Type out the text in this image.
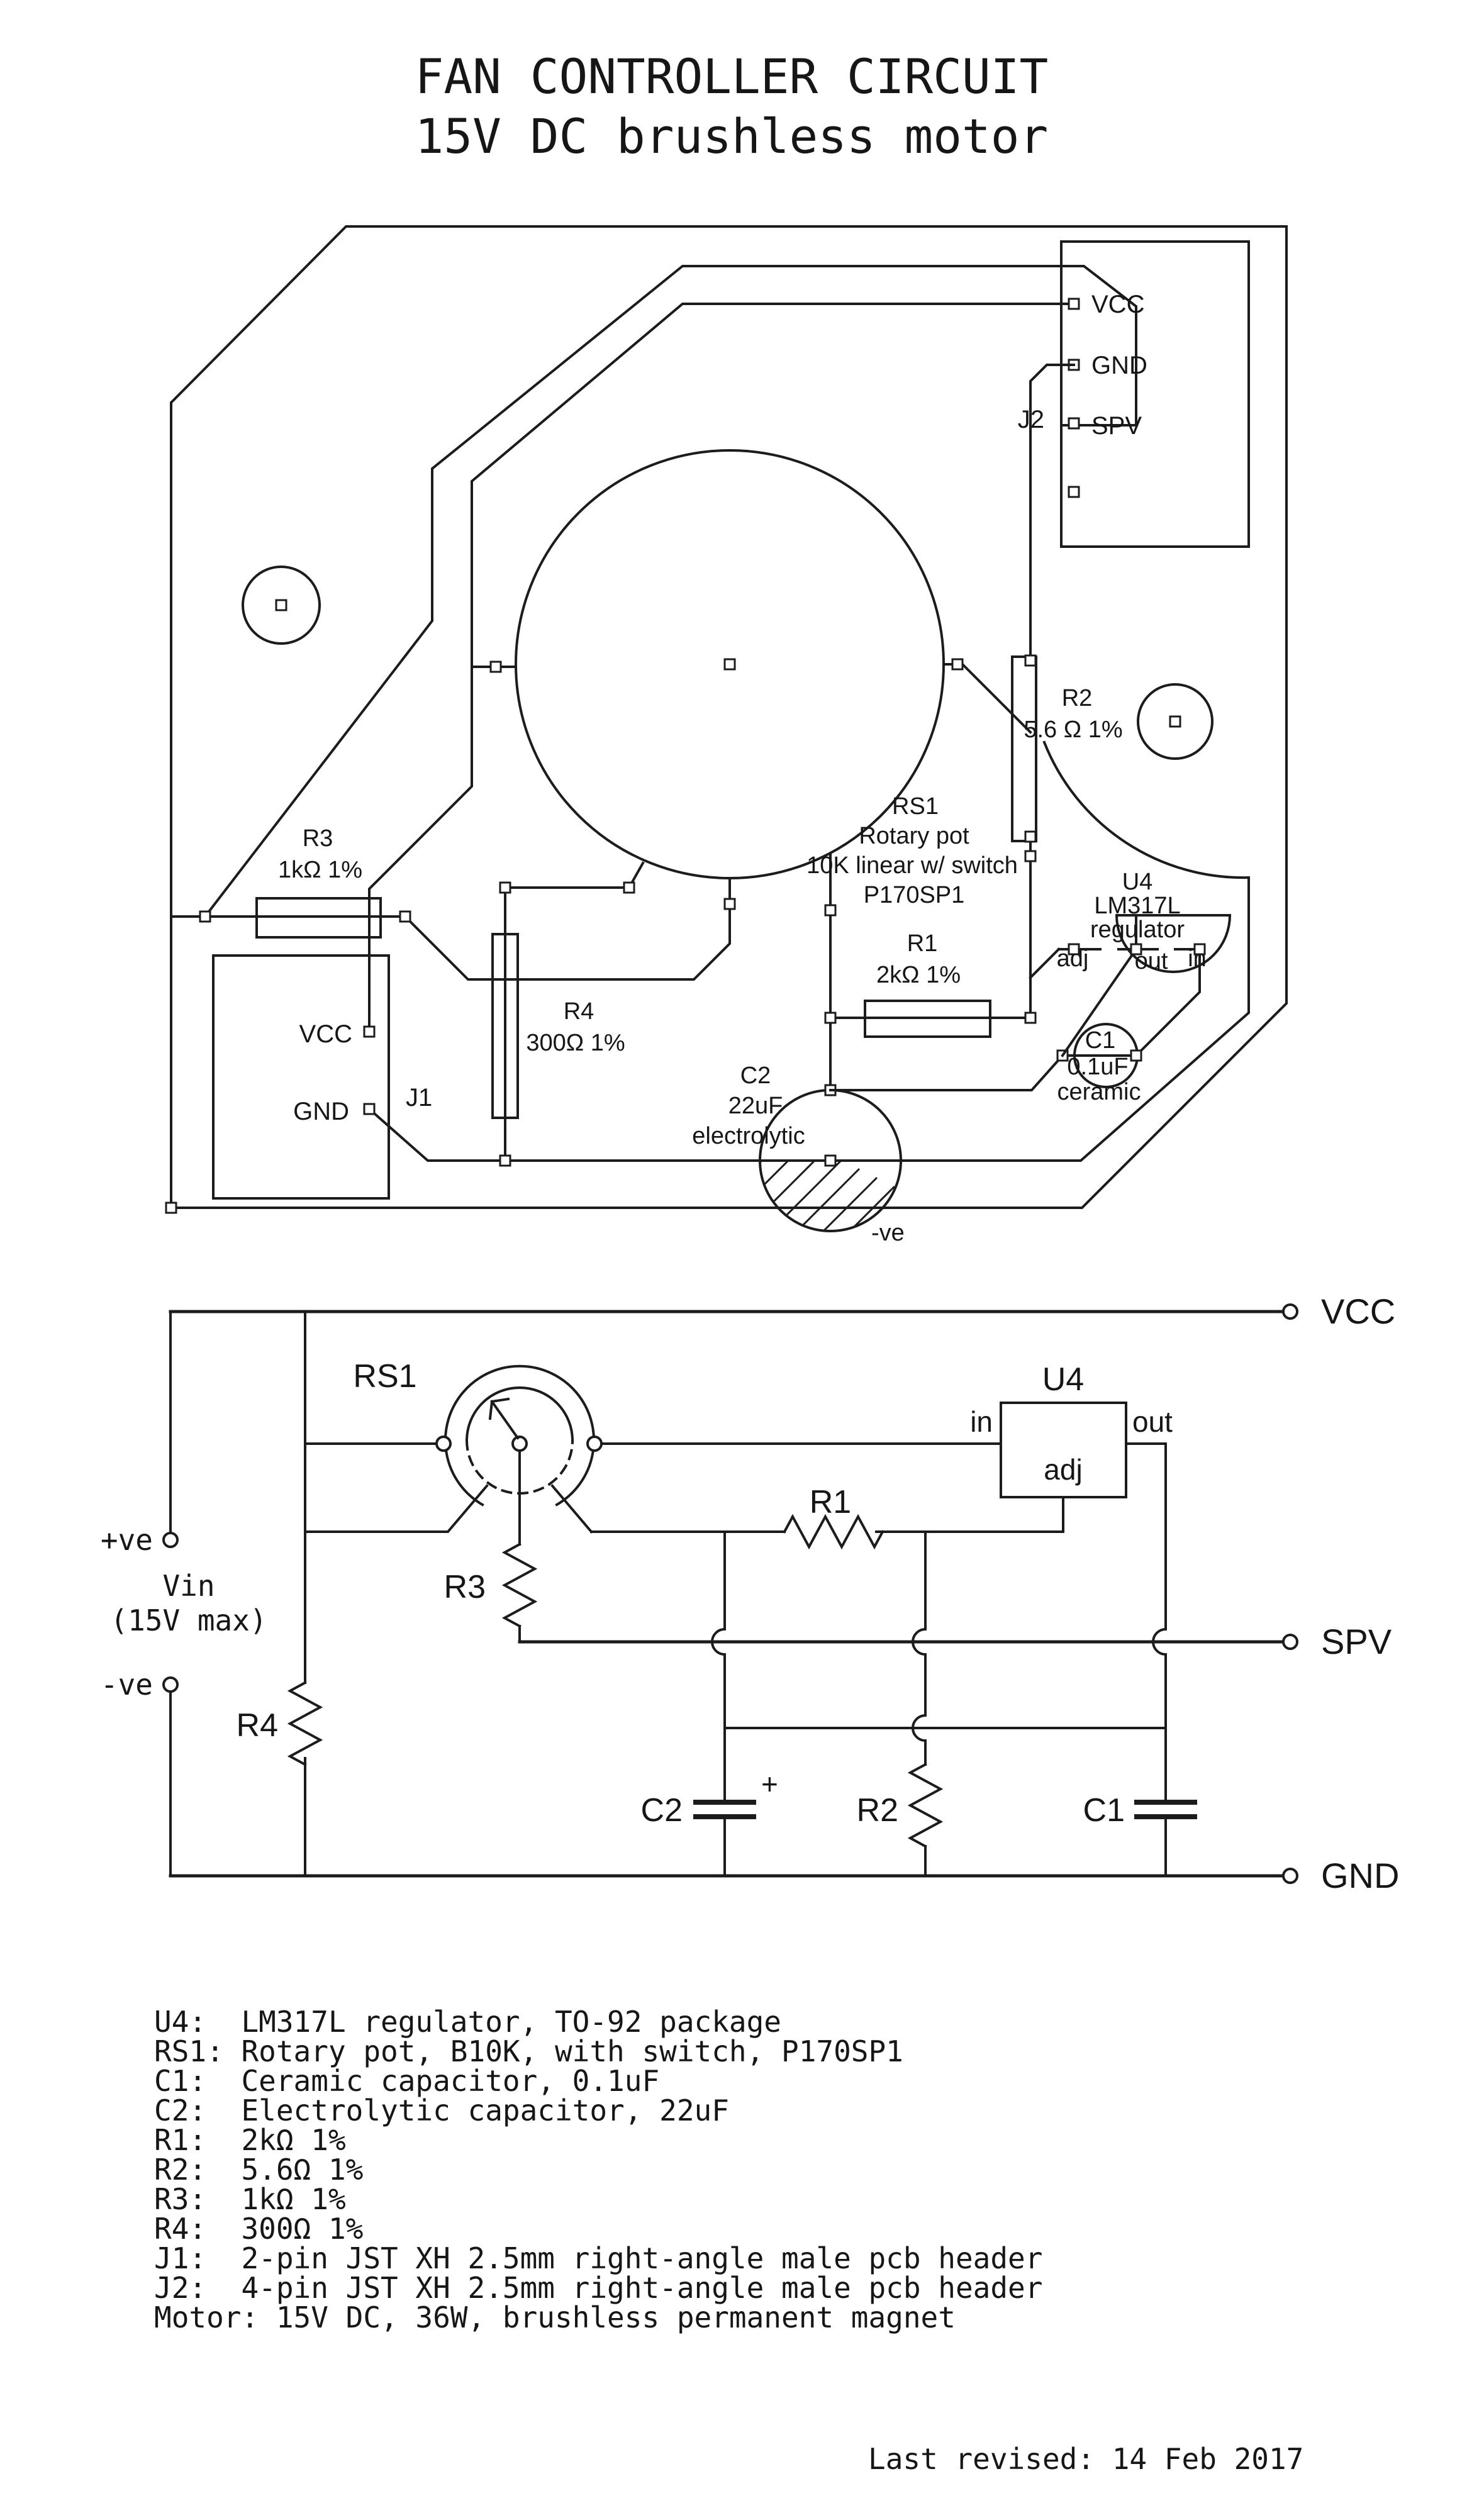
FAN CONTROLLER CIRCUIT
15V DC brushless motor
VCC
GND
SPV
J2
R2
5.6 Ω 1%
RS1
Rotary pot
10K linear w/ switch
P170SP1
R1
2kΩ 1%
R3
1kΩ 1%
VCC
GND J1
R4
300Ω 1%
C2
22uF
electrolytic
-ve
C1
0.1uF
ceramic
U4
LM317L
regulator
adj out in
VCC
SPV
GND
+ve
Vin
(15V max)
-ve
R4
RS1
R3
R1
U4
in	out
adj
+
C2	R2	C1
U4:  LM317L regulator, TO-92 package
RS1: Rotary pot, B10K, with switch, P170SP1
C1:  Ceramic capacitor, 0.1uF
C2:  Electrolytic capacitor, 22uF
R1:  2kΩ 1%
R2:  5.6Ω 1%
R3:  1kΩ 1%
R4:  300Ω 1%
J1:  2-pin JST XH 2.5mm right-angle male pcb header
J2:  4-pin JST XH 2.5mm right-angle male pcb header
Motor: 15V DC, 36W, brushless permanent magnet
Last revised: 14 Feb 2017
